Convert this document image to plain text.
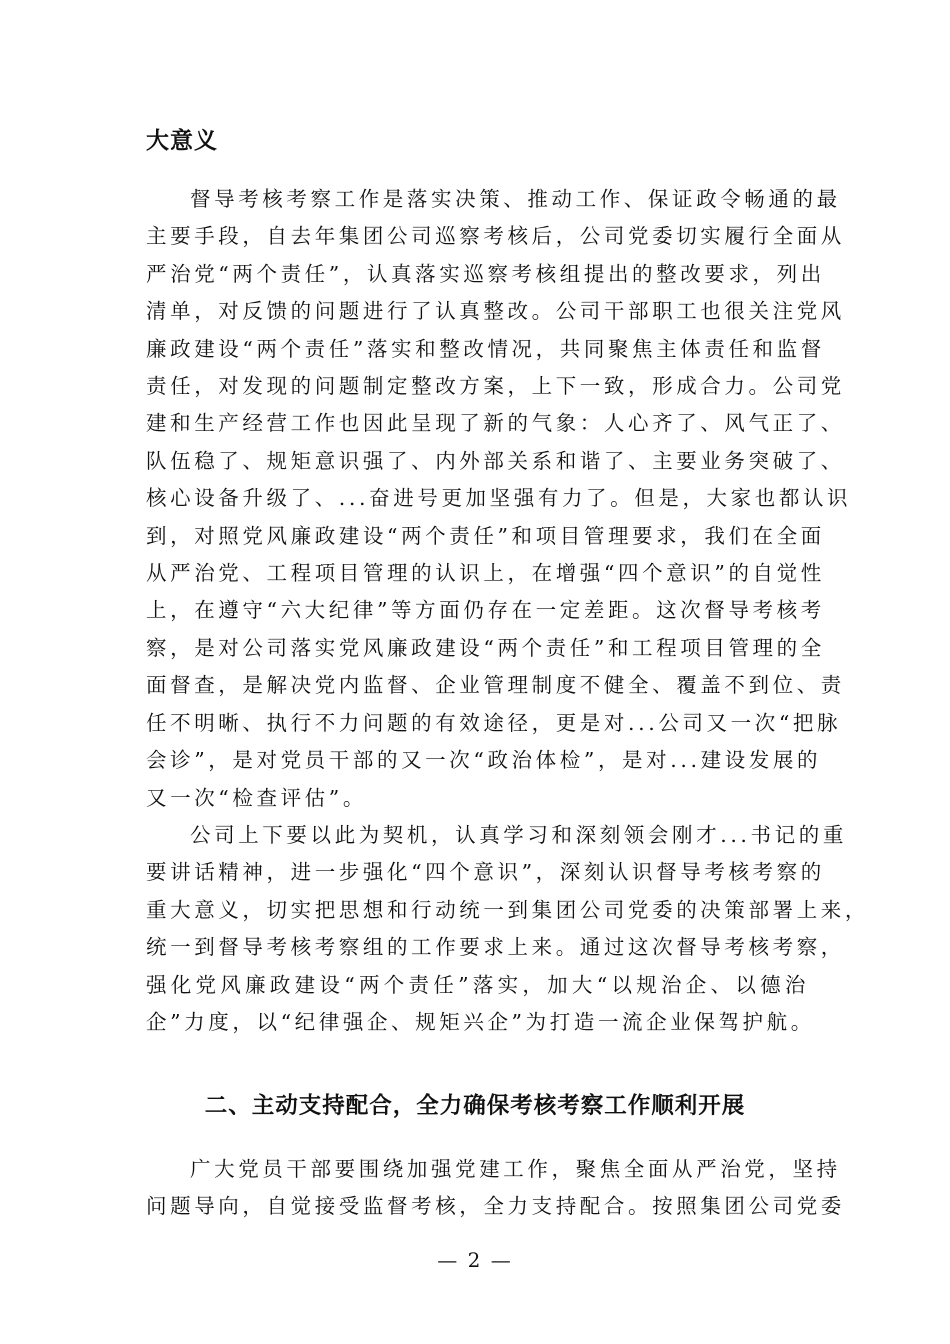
大意义
督导考核考察工作是落实决策、推动工作、保证政令畅通的最
主要手段，自去年集团公司巡察考核后，公司党委切实履行全面从
严治党“两个责任”，认真落实巡察考核组提出的整改要求，列出
清单，对反馈的问题进行了认真整改。公司干部职工也很关注党风
廉政建设“两个责任”落实和整改情况，共同聚焦主体责任和监督
责任，对发现的问题制定整改方案，上下一致，形成合力。公司党
建和生产经营工作也因此呈现了新的气象：人心齐了、风气正了、
队伍稳了、规矩意识强了、内外部关系和谐了、主要业务突破了、
核心设备升级了、...奋进号更加坚强有力了。但是，大家也都认识
到，对照党风廉政建设“两个责任”和项目管理要求，我们在全面
从严治党、工程项目管理的认识上，在增强“四个意识”的自觉性
上，在遵守“六大纪律”等方面仍存在一定差距。这次督导考核考
察，是对公司落实党风廉政建设“两个责任”和工程项目管理的全
面督查，是解决党内监督、企业管理制度不健全、覆盖不到位、责
任不明晰、执行不力问题的有效途径，更是对...公司又一次“把脉
会诊”，是对党员干部的又一次“政治体检”，是对...建设发展的
又一次“检查评估”。
公司上下要以此为契机，认真学习和深刻领会刚才...书记的重
要讲话精神，进一步强化“四个意识”，深刻认识督导考核考察的
重大意义，切实把思想和行动统一到集团公司党委的决策部署上来，
统一到督导考核考察组的工作要求上来。通过这次督导考核考察，
强化党风廉政建设“两个责任”落实，加大“以规治企、以德治
企”力度，以“纪律强企、规矩兴企”为打造一流企业保驾护航。
二、主动支持配合，全力确保考核考察工作顺利开展
广大党员干部要围绕加强党建工作，聚焦全面从严治党，坚持
问题导向，自觉接受监督考核，全力支持配合。按照集团公司党委
— 2 —
